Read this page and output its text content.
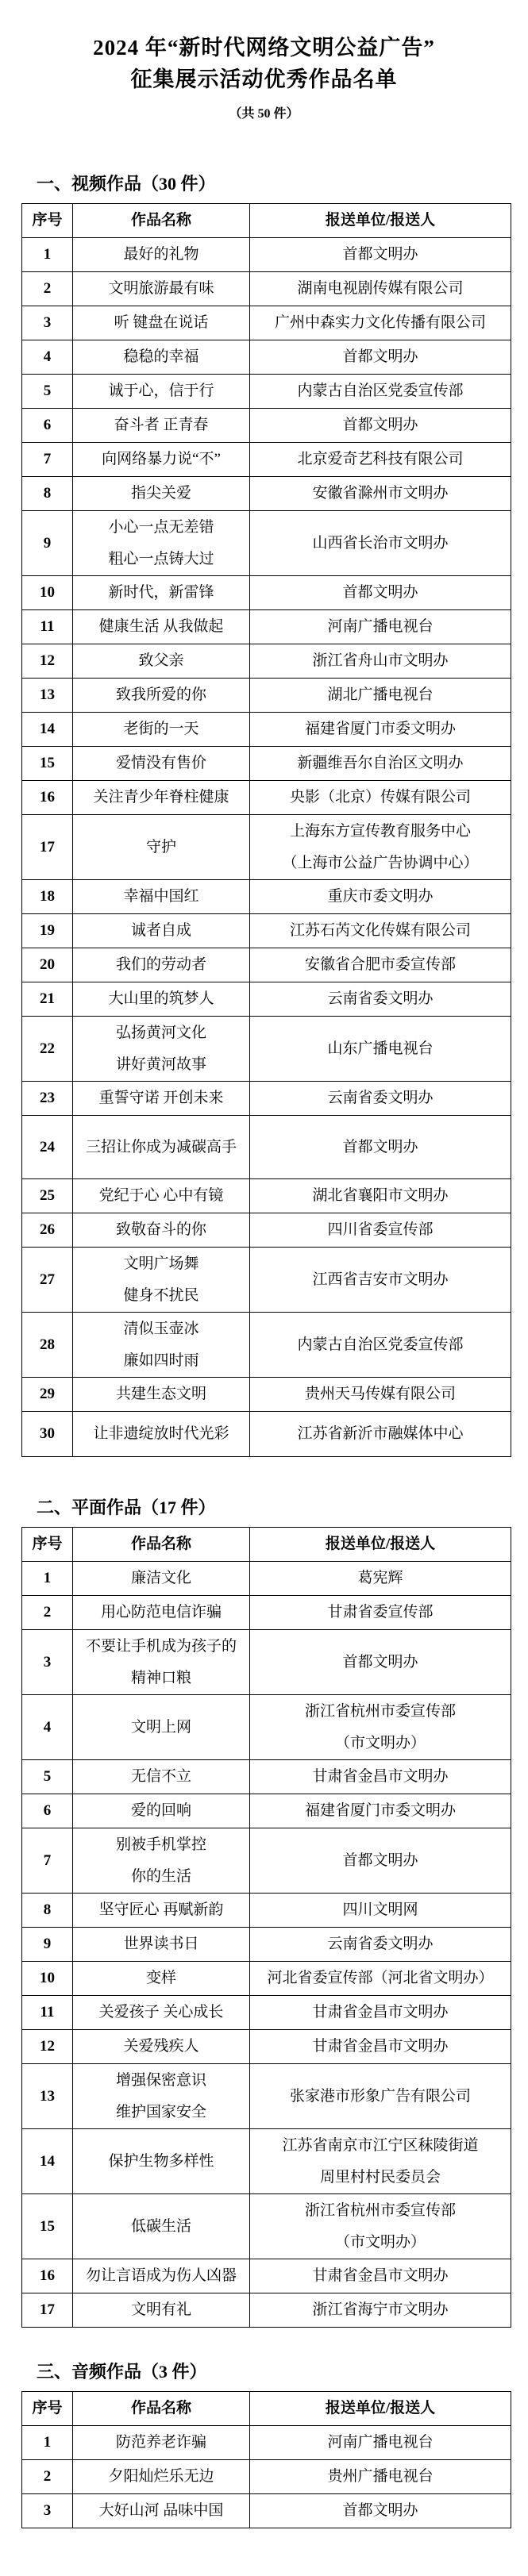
2024 年“新时代网络文明公益广告”
征集展示活动优秀作品名单
（共 50 件）
一、视频作品（30 件）
序号	作品名称	报送单位/报送人

1	最好的礼物	首都文明办

2	文明旅游最有味	湖南电视剧传媒有限公司

3	听 键盘在说话	广州中森实力文化传播有限公司

4	稳稳的幸福	首都文明办

5	诚于心，信于行	内蒙古自治区党委宣传部

6	奋斗者 正青春	首都文明办

7	向网络暴力说“不”	北京爱奇艺科技有限公司

8	指尖关爱	安徽省滁州市文明办

9	小心一点无差错
粗心一点铸大过	山西省长治市文明办

10	新时代，新雷锋	首都文明办

11	健康生活 从我做起	河南广播电视台

12	致父亲	浙江省舟山市文明办

13	致我所爱的你	湖北广播电视台

14	老街的一天	福建省厦门市委文明办

15	爱情没有售价	新疆维吾尔自治区文明办

16	关注青少年脊柱健康	央影（北京）传媒有限公司

17	守护	上海东方宣传教育服务中心
（上海市公益广告协调中心）

18	幸福中国红	重庆市委文明办

19	诚者自成	江苏石芮文化传媒有限公司

20	我们的劳动者	安徽省合肥市委宣传部

21	大山里的筑梦人	云南省委文明办

22	弘扬黄河文化
讲好黄河故事	山东广播电视台

23	重誓守诺 开创未来	云南省委文明办

24	三招让你成为减碳高手	首都文明办

25	党纪于心 心中有镜	湖北省襄阳市文明办

26	致敬奋斗的你	四川省委宣传部

27	文明广场舞
健身不扰民	江西省吉安市文明办

28	清似玉壶冰
廉如四时雨	内蒙古自治区党委宣传部

29	共建生态文明	贵州天马传媒有限公司

30	让非遗绽放时代光彩	江苏省新沂市融媒体中心
二、平面作品（17 件）
序号	作品名称	报送单位/报送人

1	廉洁文化	葛宪辉

2	用心防范电信诈骗	甘肃省委宣传部

3	不要让手机成为孩子的
精神口粮	首都文明办

4	文明上网	浙江省杭州市委宣传部
（市文明办）

5	无信不立	甘肃省金昌市文明办

6	爱的回响	福建省厦门市委文明办

7	别被手机掌控
你的生活	首都文明办

8	坚守匠心 再赋新韵	四川文明网

9	世界读书日	云南省委文明办

10	变样	河北省委宣传部（河北省文明办）

11	关爱孩子 关心成长	甘肃省金昌市文明办

12	关爱残疾人	甘肃省金昌市文明办

13	增强保密意识
维护国家安全	张家港市形象广告有限公司

14	保护生物多样性	江苏省南京市江宁区秣陵街道
周里村村民委员会

15	低碳生活	浙江省杭州市委宣传部
（市文明办）

16	勿让言语成为伤人凶器	甘肃省金昌市文明办

17	文明有礼	浙江省海宁市文明办
三、音频作品（3 件）
序号	作品名称	报送单位/报送人

1	防范养老诈骗	河南广播电视台

2	夕阳灿烂乐无边	贵州广播电视台

3	大好山河 品味中国	首都文明办
